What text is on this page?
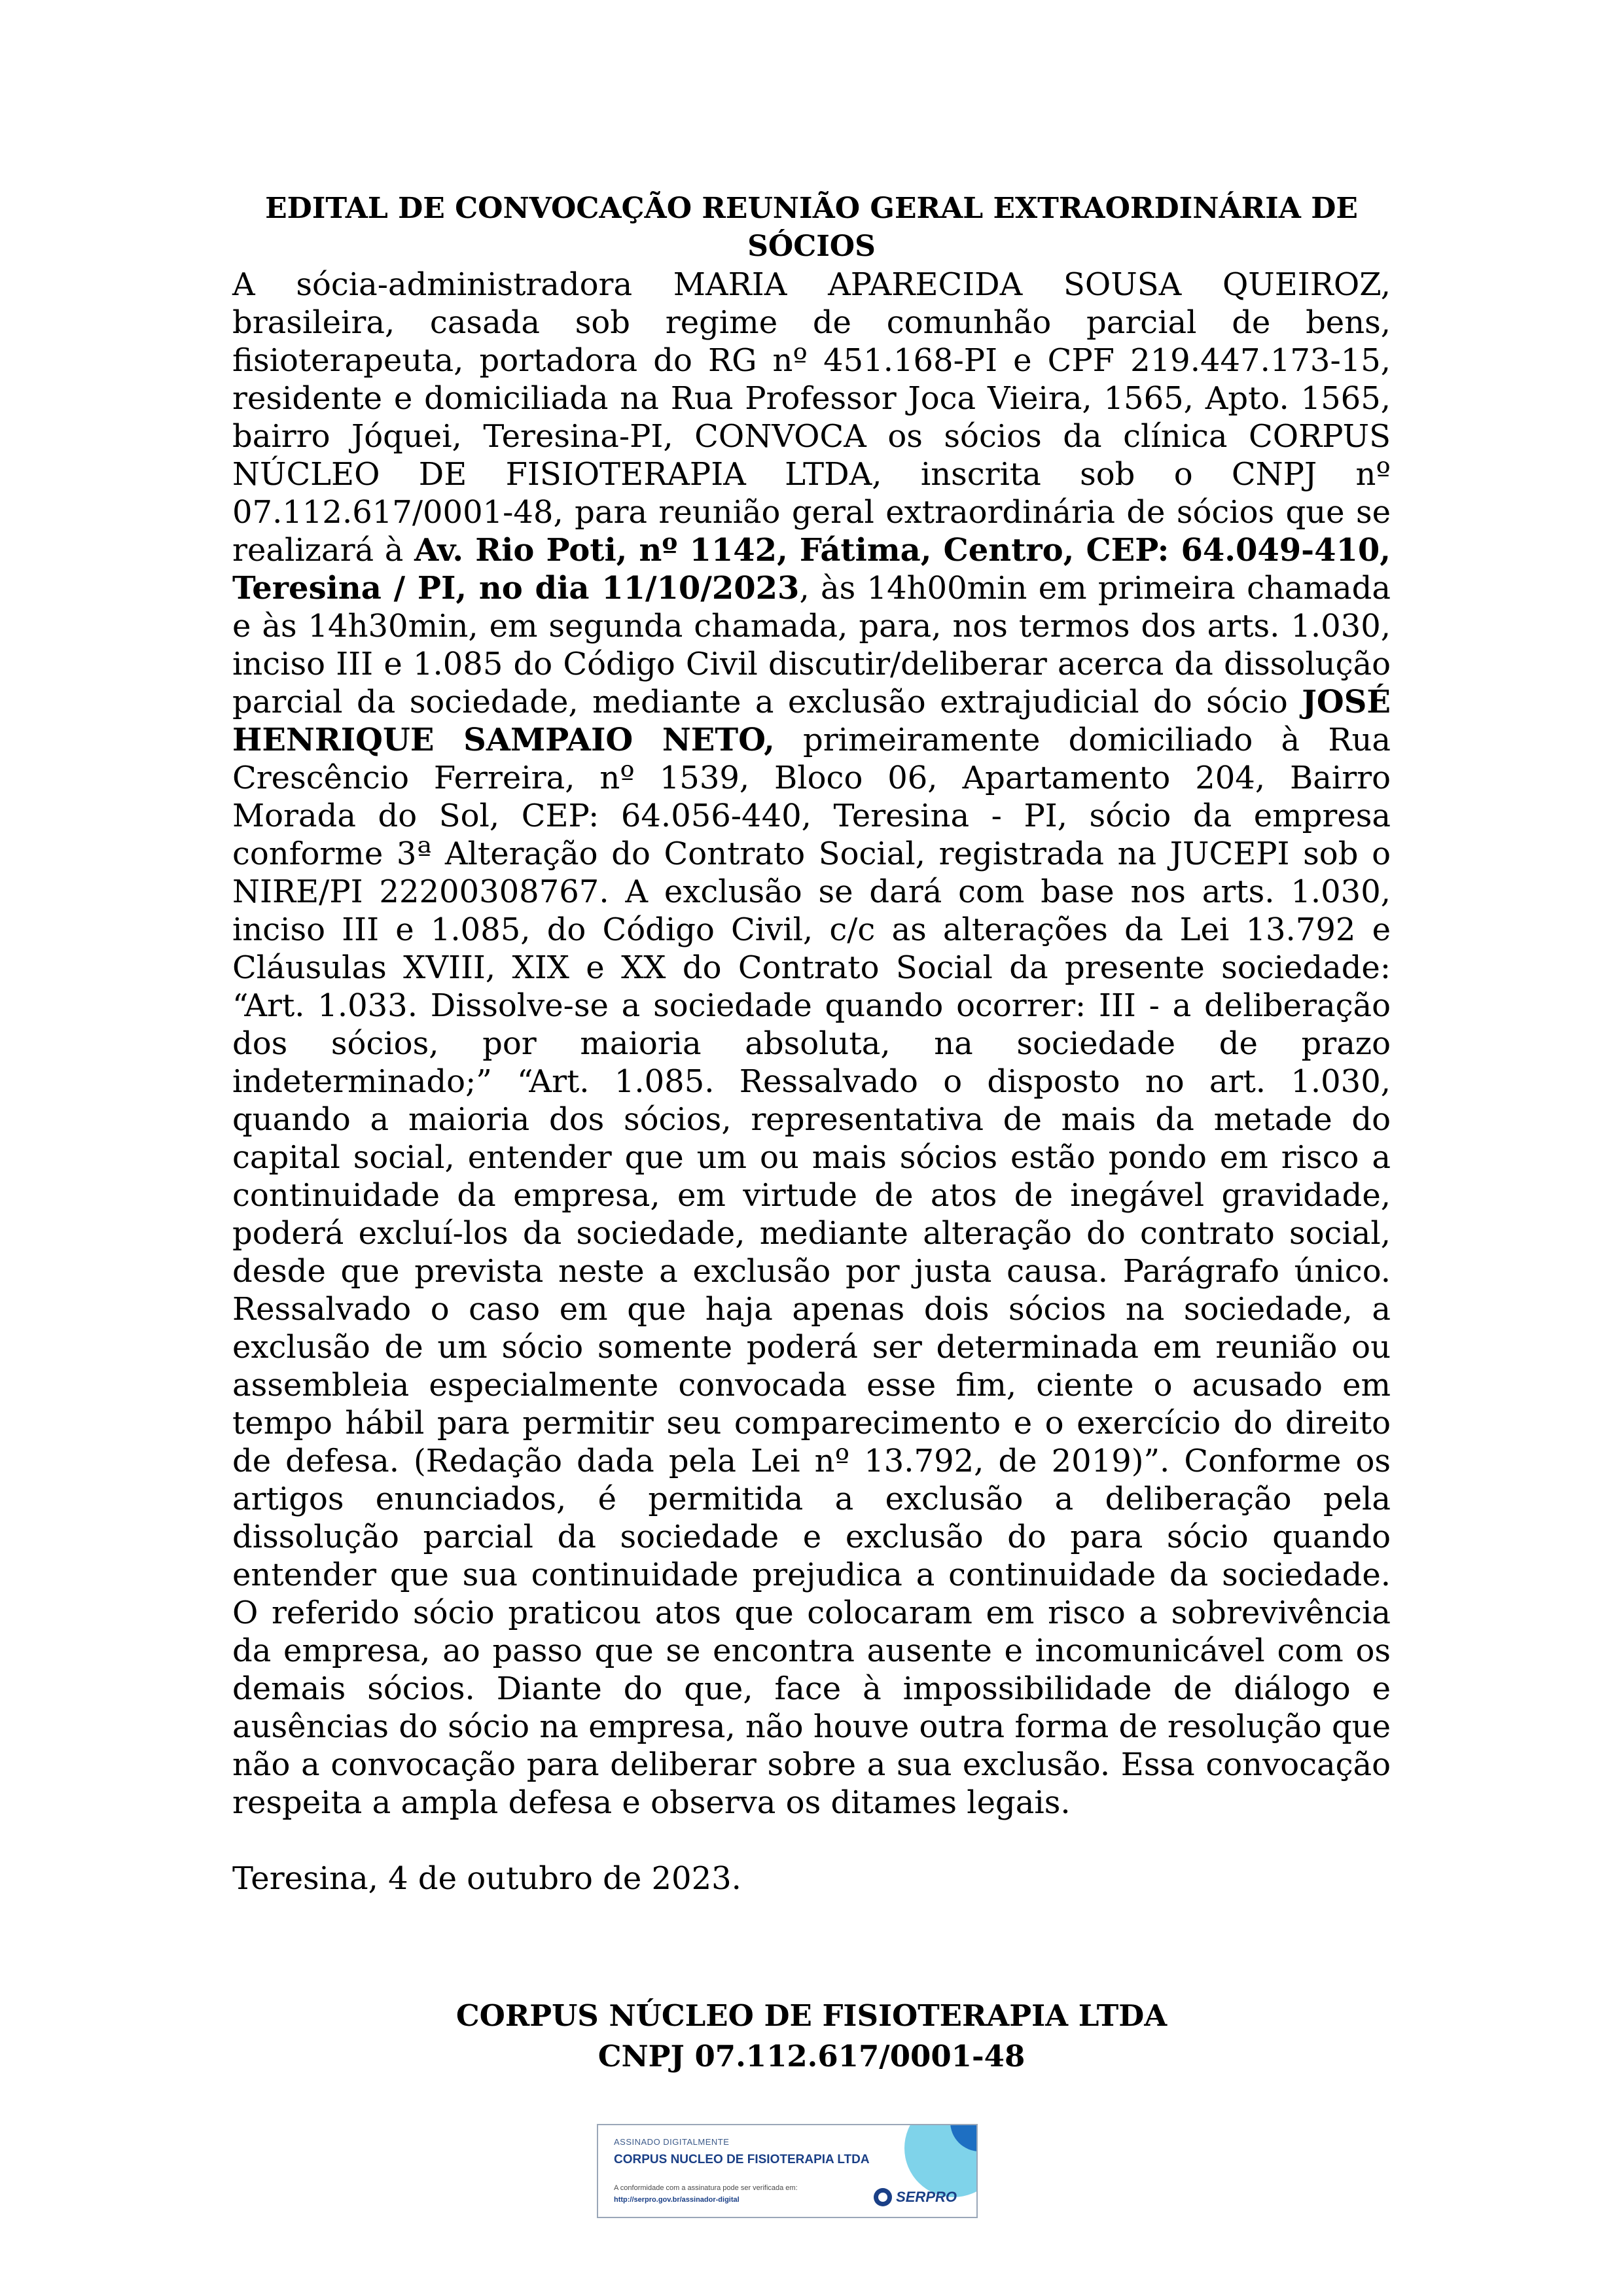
EDITAL DE CONVOCAÇÃO REUNIÃO GERAL EXTRAORDINÁRIA DE SÓCIOS

A sócia-administradora MARIA APARECIDA SOUSA QUEIROZ, brasileira, casada sob regime de comunhão parcial de bens, fisioterapeuta, portadora do RG nº 451.168-PI e CPF 219.447.173-15, residente e domiciliada na Rua Professor Joca Vieira, 1565, Apto. 1565, bairro Jóquei, Teresina-PI, CONVOCA os sócios da clínica CORPUS NÚCLEO DE FISIOTERAPIA LTDA, inscrita sob o CNPJ nº 07.112.617/0001-48, para reunião geral extraordinária de sócios que se realizará à Av. Rio Poti, nº 1142, Fátima, Centro, CEP: 64.049-410, Teresina / PI, no dia 11/10/2023, às 14h00min em primeira chamada e às 14h30min, em segunda chamada, para, nos termos dos arts. 1.030, inciso III e 1.085 do Código Civil discutir/deliberar acerca da dissolução parcial da sociedade, mediante a exclusão extrajudicial do sócio JOSÉ HENRIQUE SAMPAIO NETO, primeiramente domiciliado à Rua Crescêncio Ferreira, nº 1539, Bloco 06, Apartamento 204, Bairro Morada do Sol, CEP: 64.056-440, Teresina - PI, sócio da empresa conforme 3ª Alteração do Contrato Social, registrada na JUCEPI sob o NIRE/PI 22200308767. A exclusão se dará com base nos arts. 1.030, inciso III e 1.085, do Código Civil, c/c as alterações da Lei 13.792 e Cláusulas XVIII, XIX e XX do Contrato Social da presente sociedade: “Art. 1.033. Dissolve-se a sociedade quando ocorrer: III - a deliberação dos sócios, por maioria absoluta, na sociedade de prazo indeterminado;” “Art. 1.085. Ressalvado o disposto no art. 1.030, quando a maioria dos sócios, representativa de mais da metade do capital social, entender que um ou mais sócios estão pondo em risco a continuidade da empresa, em virtude de atos de inegável gravidade, poderá excluí-los da sociedade, mediante alteração do contrato social, desde que prevista neste a exclusão por justa causa. Parágrafo único. Ressalvado o caso em que haja apenas dois sócios na sociedade, a exclusão de um sócio somente poderá ser determinada em reunião ou assembleia especialmente convocada esse fim, ciente o acusado em tempo hábil para permitir seu comparecimento e o exercício do direito de defesa. (Redação dada pela Lei nº 13.792, de 2019)”. Conforme os artigos enunciados, é permitida a exclusão a deliberação pela dissolução parcial da sociedade e exclusão do para sócio quando entender que sua continuidade prejudica a continuidade da sociedade. O referido sócio praticou atos que colocaram em risco a sobrevivência da empresa, ao passo que se encontra ausente e incomunicável com os demais sócios. Diante do que, face à impossibilidade de diálogo e ausências do sócio na empresa, não houve outra forma de resolução que não a convocação para deliberar sobre a sua exclusão. Essa convocação respeita a ampla defesa e observa os ditames legais.

Teresina, 4 de outubro de 2023.

CORPUS NÚCLEO DE FISIOTERAPIA LTDA
CNPJ 07.112.617/0001-48
ASSINADO DIGITALMENTE
CORPUS NUCLEO DE FISIOTERAPIA LTDA
A conformidade com a assinatura pode ser verificada em:
http://serpro.gov.br/assinador-digital	SERPRO
